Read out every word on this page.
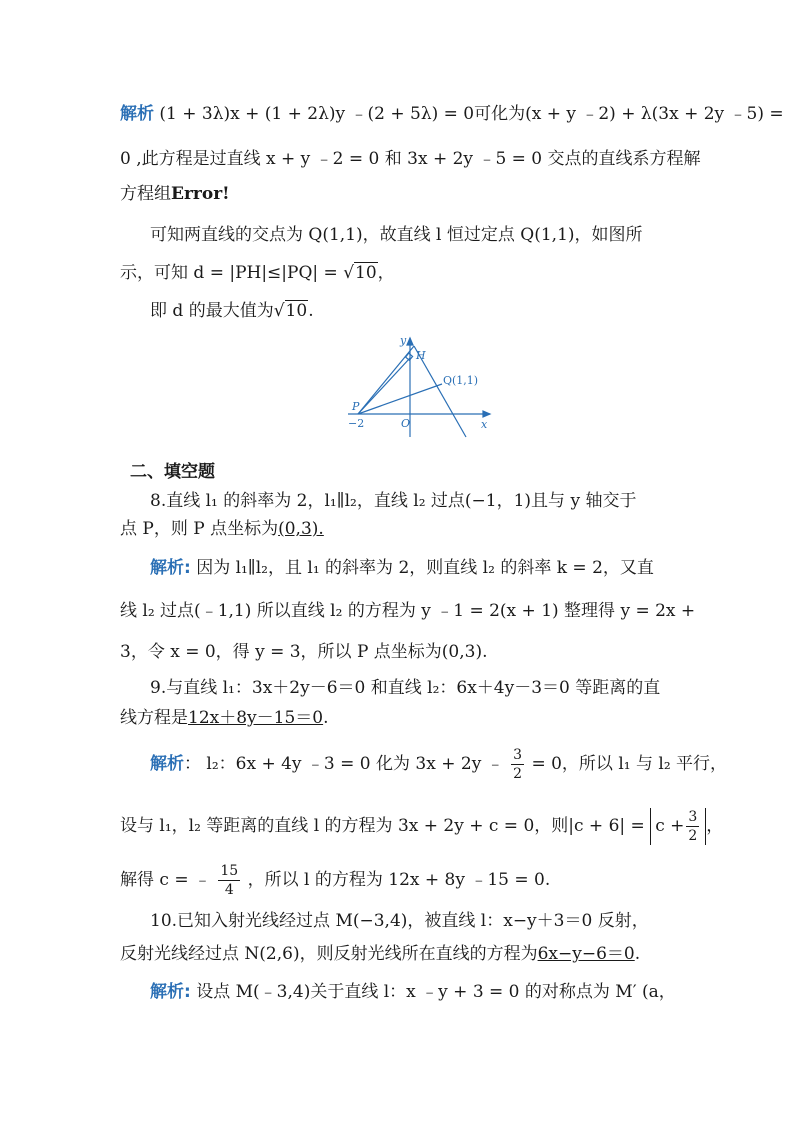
解析 (1 + 3λ)x + (1 + 2λ)y ﹣(2 + 5λ) = 0可化为(x + y ﹣2) + λ(3x + 2y ﹣5) =
0 ,此方程是过直线 x + y ﹣2 = 0 和 3x + 2y ﹣5 = 0 交点的直线系方程解
方程组Error!
可知两直线的交点为 Q(1,1)，故直线 l 恒过定点 Q(1,1)，如图所
示，可知 d = |PH|≤|PQ| = √10，
即 d 的最大值为√10.
y
x
H
Q(1,1)
P
−2	O
二、填空题
8.直线 l₁ 的斜率为 2，l₁∥l₂，直线 l₂ 过点(−1，1)且与 y 轴交于
点 P，则 P 点坐标为(0,3).
解析: 因为 l₁∥l₂，且 l₁ 的斜率为 2，则直线 l₂ 的斜率 k = 2，又直
线 l₂ 过点(﹣1,1) 所以直线 l₂ 的方程为 y ﹣1 = 2(x + 1) 整理得 y = 2x +
3，令 x = 0，得 y = 3，所以 P 点坐标为(0,3).
9.与直线 l₁：3x＋2y－6＝0 和直线 l₂：6x＋4y－3＝0 等距离的直
线方程是12x＋8y－15＝0.
解析： l₂：6x + 4y ﹣3 = 0 化为 3x + 2y ﹣ $\frac{3}{2} = 0$，所以 l₁ 与 l₂ 平行，
设与 l₁，l₂ 等距离的直线 l 的方程为 3x + 2y + c = 0，则$|c + 6| = c + \frac{3}{2}$ ，
解得 c = ﹣ $\frac{15}{4}$ ，所以 l 的方程为 12x + 8y ﹣15 = 0.
10.已知入射光线经过点 M(−3,4)，被直线 l：x−y＋3＝0 反射，
反射光线经过点 N(2,6)，则反射光线所在直线的方程为6x−y−6＝0.
解析: 设点 M(﹣3,4)关于直线 l：x ﹣y + 3 = 0 的对称点为 M′ (a，
